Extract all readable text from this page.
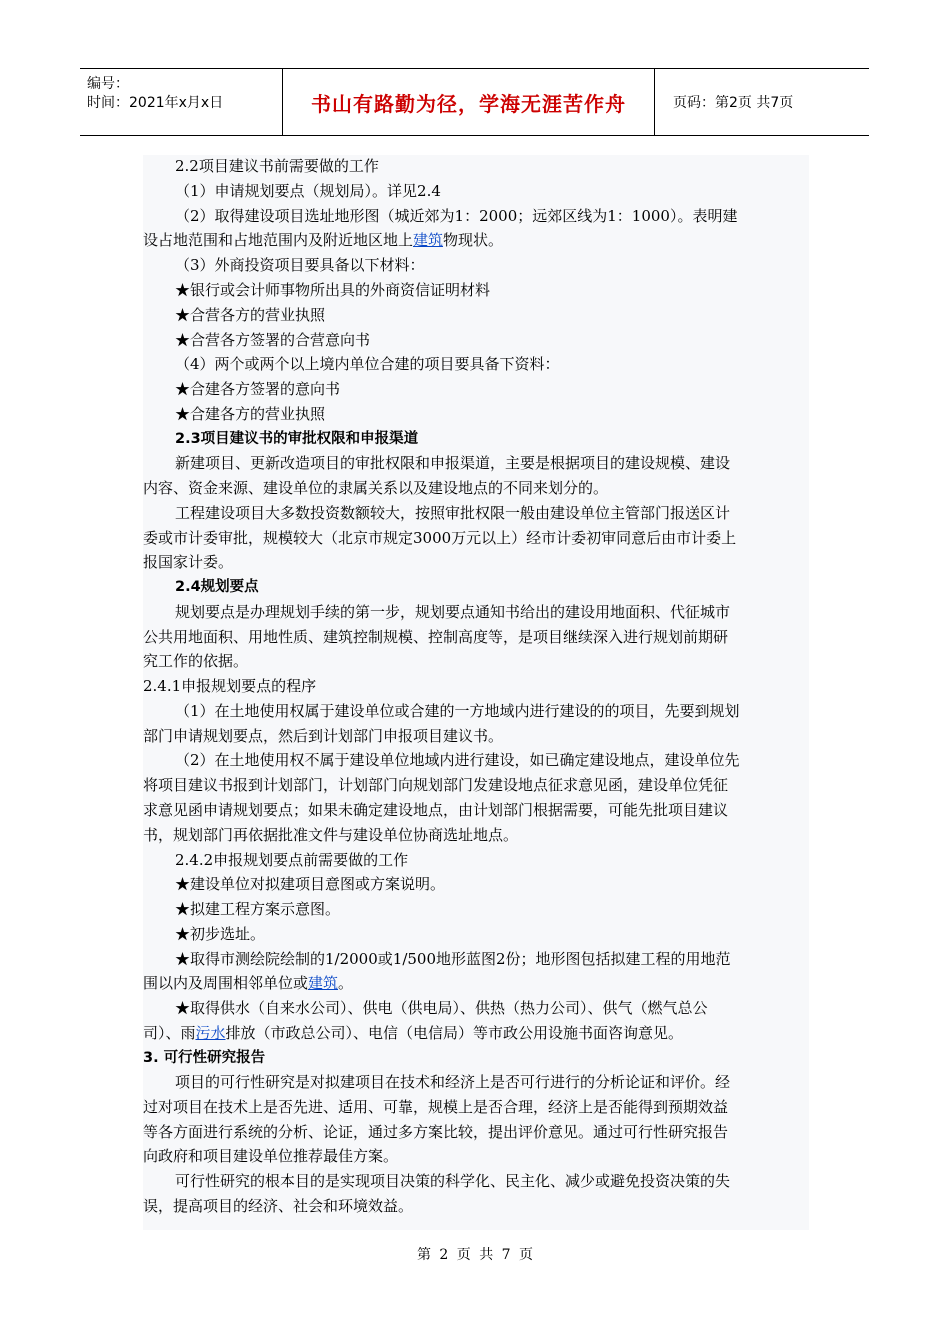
编号：
时间：2021年x月x日	书山有路勤为径，学海无涯苦作舟	页码：第2页 共7页
2.2项目建议书前需要做的工作
（1）申请规划要点（规划局）。详见2.4
（2）取得建设项目选址地形图（城近郊为1：2000；远郊区线为1：1000）。表明建
设占地范围和占地范围内及附近地区地上建筑物现状。
（3）外商投资项目要具备以下材料：
★银行或会计师事物所出具的外商资信证明材料
★合营各方的营业执照
★合营各方签署的合营意向书
（4）两个或两个以上境内单位合建的项目要具备下资料：
★合建各方签署的意向书
★合建各方的营业执照
2.3项目建议书的审批权限和申报渠道
新建项目、更新改造项目的审批权限和申报渠道，主要是根据项目的建设规模、建设
内容、资金来源、建设单位的隶属关系以及建设地点的不同来划分的。
工程建设项目大多数投资数额较大，按照审批权限一般由建设单位主管部门报送区计
委或市计委审批，规模较大（北京市规定3000万元以上）经市计委初审同意后由市计委上
报国家计委。
2.4规划要点
规划要点是办理规划手续的第一步，规划要点通知书给出的建设用地面积、代征城市
公共用地面积、用地性质、建筑控制规模、控制高度等，是项目继续深入进行规划前期研
究工作的依据。
2.4.1申报规划要点的程序
（1）在土地使用权属于建设单位或合建的一方地域内进行建设的的项目，先要到规划
部门申请规划要点，然后到计划部门申报项目建议书。
（2）在土地使用权不属于建设单位地域内进行建设，如已确定建设地点，建设单位先
将项目建议书报到计划部门，计划部门向规划部门发建设地点征求意见函，建设单位凭征
求意见函申请规划要点；如果未确定建设地点，由计划部门根据需要，可能先批项目建议
书，规划部门再依据批准文件与建设单位协商选址地点。
2.4.2申报规划要点前需要做的工作
★建设单位对拟建项目意图或方案说明。
★拟建工程方案示意图。
★初步选址。
★取得市测绘院绘制的1/2000或1/500地形蓝图2份；地形图包括拟建工程的用地范
围以内及周围相邻单位或建筑。
★取得供水（自来水公司）、供电（供电局）、供热（热力公司）、供气（燃气总公
司）、雨污水排放（市政总公司）、电信（电信局）等市政公用设施书面咨询意见。
3. 可行性研究报告
项目的可行性研究是对拟建项目在技术和经济上是否可行进行的分析论证和评价。经
过对项目在技术上是否先进、适用、可靠，规模上是否合理，经济上是否能得到预期效益
等各方面进行系统的分析、论证，通过多方案比较，提出评价意见。通过可行性研究报告
向政府和项目建设单位推荐最佳方案。
可行性研究的根本目的是实现项目决策的科学化、民主化、减少或避免投资决策的失
误，提高项目的经济、社会和环境效益。
第 2 页 共 7 页
